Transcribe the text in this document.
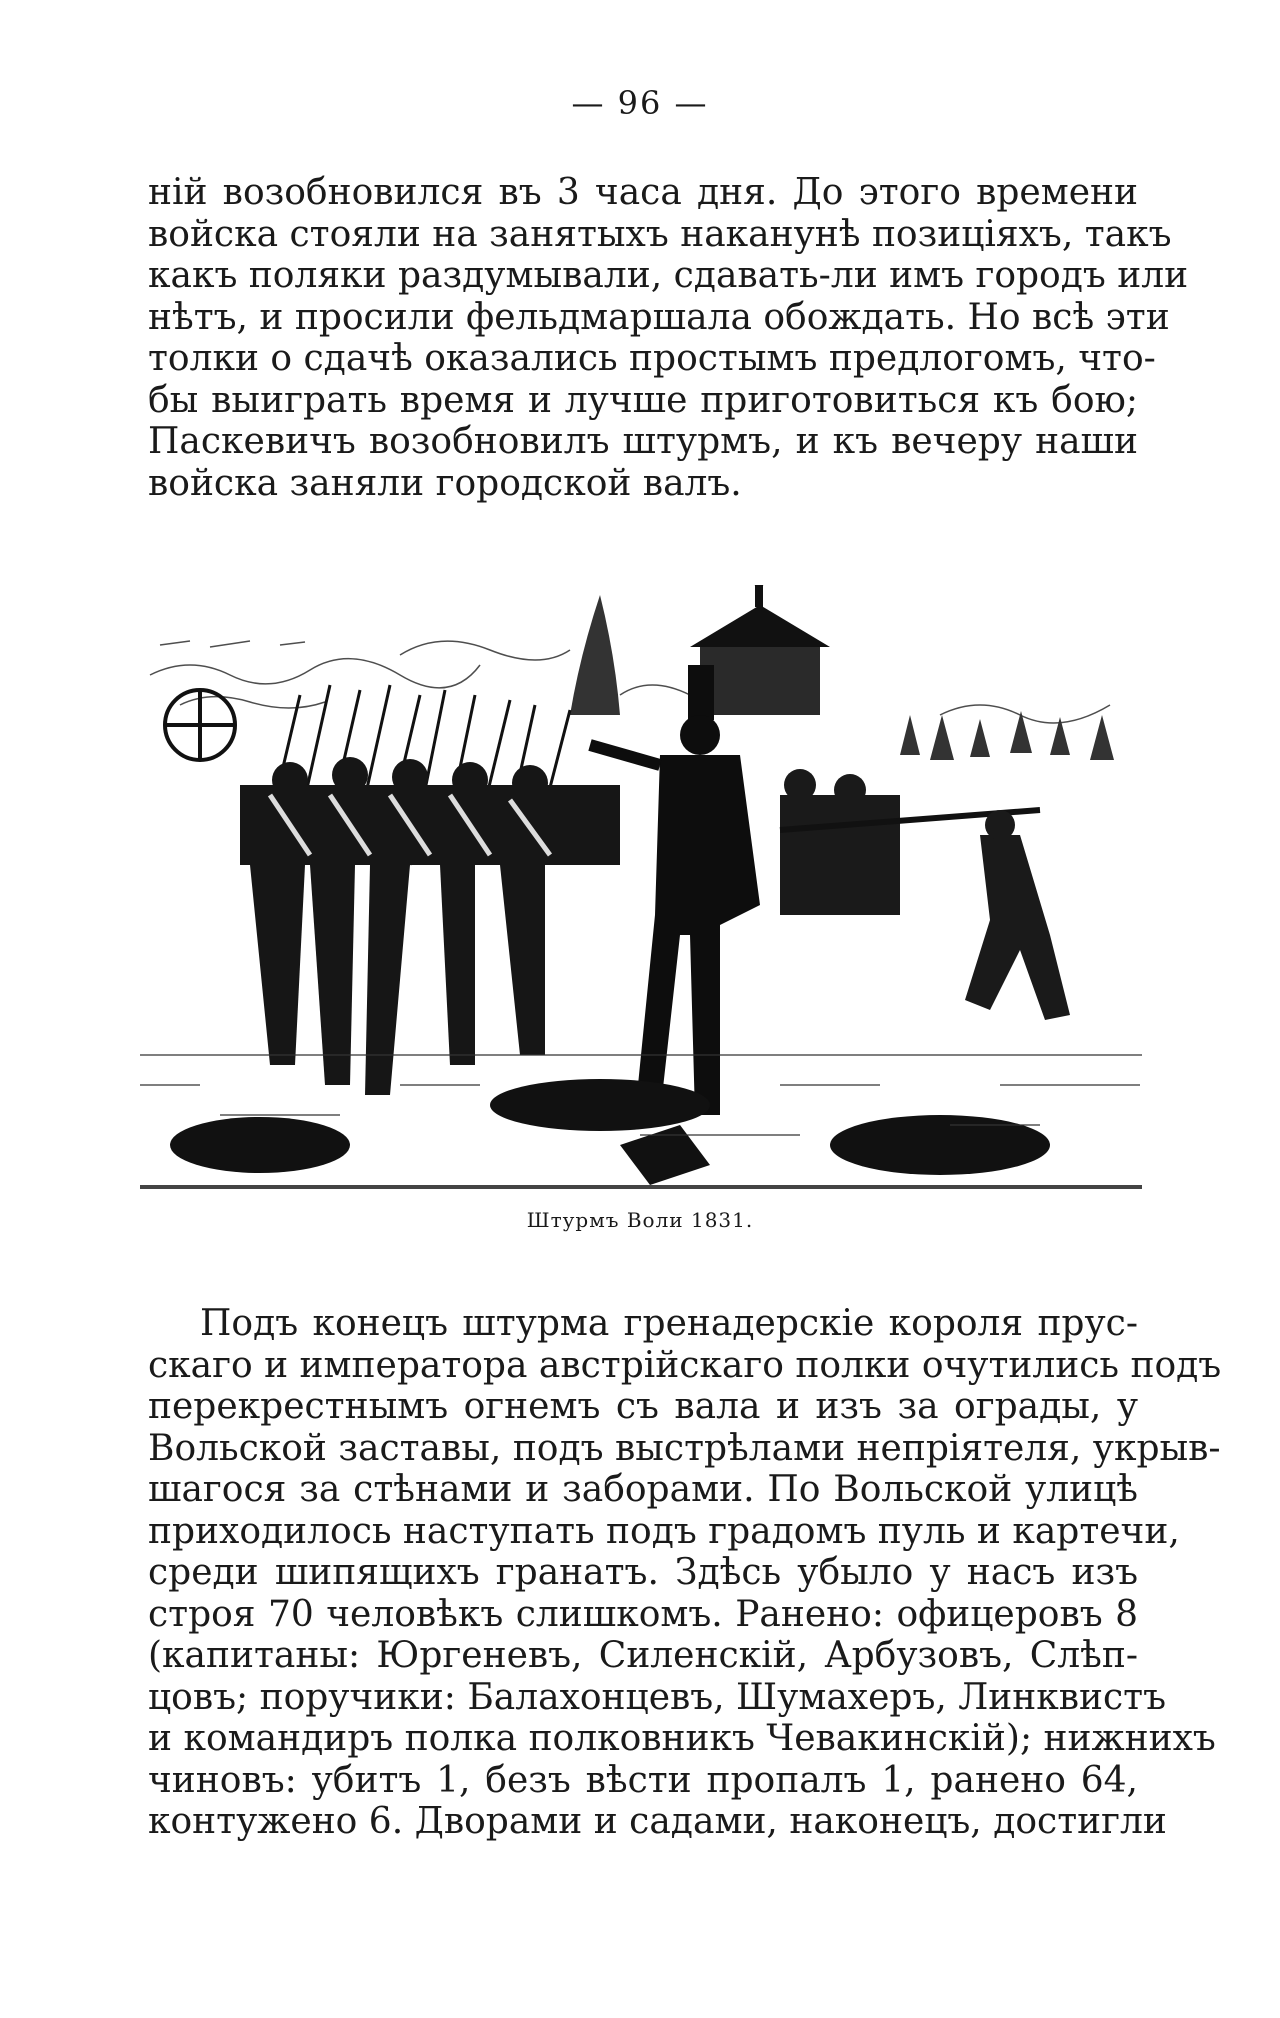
— 96 —
ній возобновился въ 3 часа дня. До этого времени
войска стояли на занятыхъ наканунѣ позиціяхъ, такъ
какъ поляки раздумывали, сдавать-ли имъ городъ или
нѣтъ, и просили фельдмаршала обождать. Но всѣ эти
толки о сдачѣ оказались простымъ предлогомъ, что-
бы выиграть время и лучше приготовиться къ бою;
Паскевичъ возобновилъ штурмъ, и къ вечеру наши
войска заняли городской валъ.
Штурмъ Воли 1831.
Подъ конецъ штурма гренадерскіе короля прус-
скаго и императора австрійскаго полки очутились подъ
перекрестнымъ огнемъ съ вала и изъ за ограды, у
Вольской заставы, подъ выстрѣлами непріятеля, укрыв-
шагося за стѣнами и заборами. По Вольской улицѣ
приходилось наступать подъ градомъ пуль и картечи,
среди шипящихъ гранатъ. Здѣсь убыло у насъ изъ
строя 70 человѣкъ слишкомъ. Ранено: офицеровъ 8
(капитаны: Юргеневъ, Силенскій, Арбузовъ, Слѣп-
цовъ; поручики: Балахонцевъ, Шумахеръ, Линквистъ
и командиръ полка полковникъ Чевакинскій); нижнихъ
чиновъ: убитъ 1, безъ вѣсти пропалъ 1, ранено 64,
контужено 6. Дворами и садами, наконецъ, достигли
